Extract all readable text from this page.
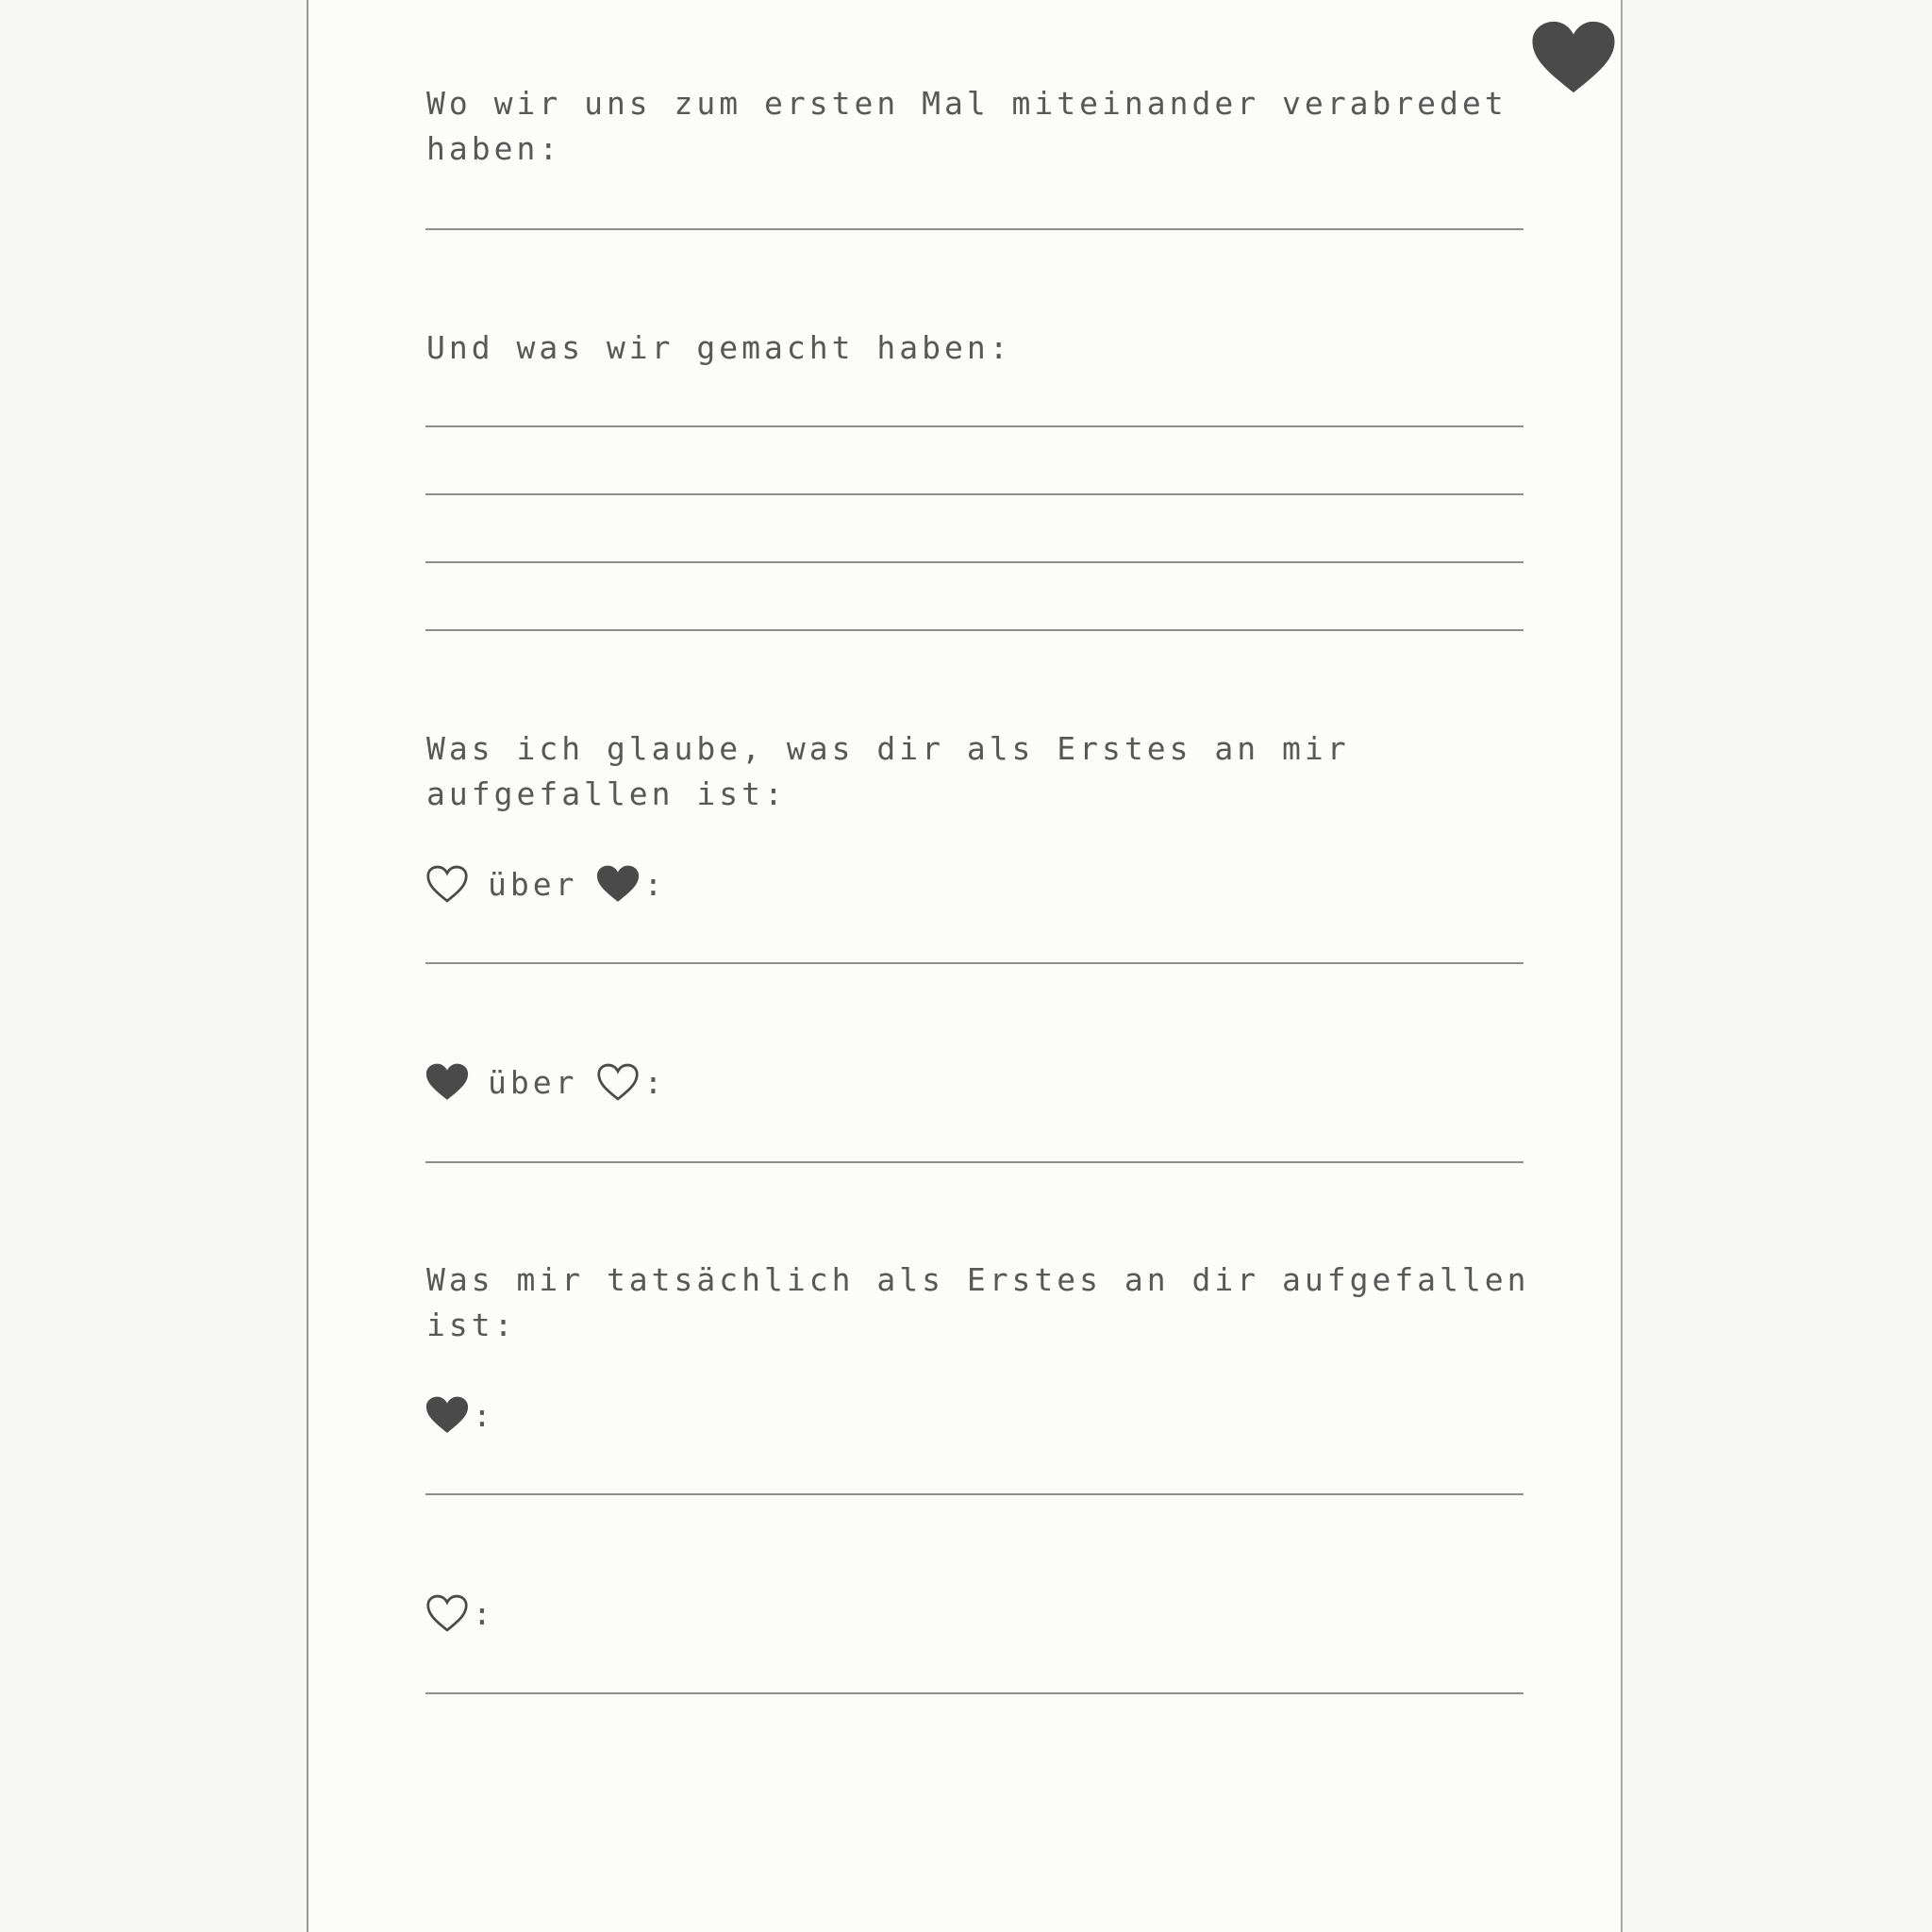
Wo wir uns zum ersten Mal miteinander verabredet
haben:
Und was wir gemacht haben:
Was ich glaube, was dir als Erstes an mir
aufgefallen ist:
über :
über :
Was mir tatsächlich als Erstes an dir aufgefallen
ist:
:
:
